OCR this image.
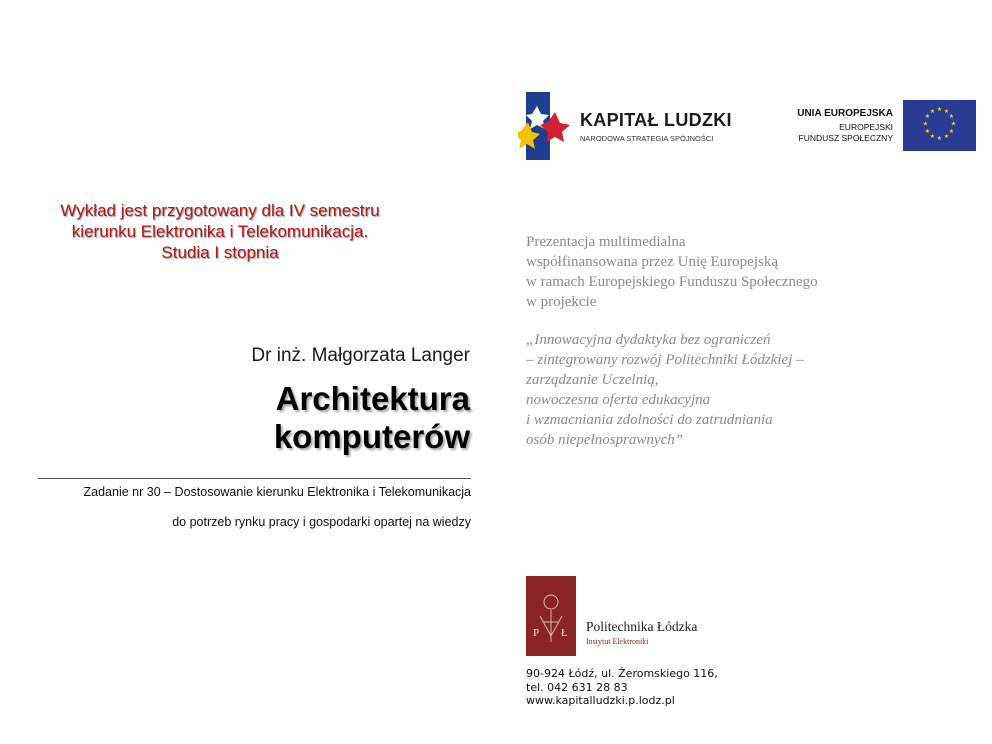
Wykład jest przygotowany dla IV semestru
kierunku Elektronika i Telekomunikacja.
Studia I stopnia
Dr inż. Małgorzata Langer
Architektura
komputerów
Zadanie nr 30 – Dostosowanie kierunku Elektronika i Telekomunikacja
do potrzeb rynku pracy i gospodarki opartej na wiedzy
KAPITAŁ LUDZKI
NARODOWA STRATEGIA SPÓJNOŚCI
UNIA EUROPEJSKA
EUROPEJSKI
FUNDUSZ SPOŁECZNY
★ ★
★
★
★
★
★
★
★
★
★
★
Prezentacja multimedialna
współfinansowana przez Unię Europejską
w ramach Europejskiego Funduszu Społecznego
w projekcie
„Innowacyjna dydaktyka bez ograniczeń
– zintegrowany rozwój Politechniki Łódzkiej –
zarządzanie Uczelnią,
nowoczesna oferta edukacyjna
i wzmacniania zdolności do zatrudniania
osób niepełnosprawnych”
P Ł Politechnika Łódzka
Instytut Elektroniki
90-924 Łódź, ul. Żeromskiego 116,
tel. 042 631 28 83
www.kapitalludzki.p.lodz.pl
